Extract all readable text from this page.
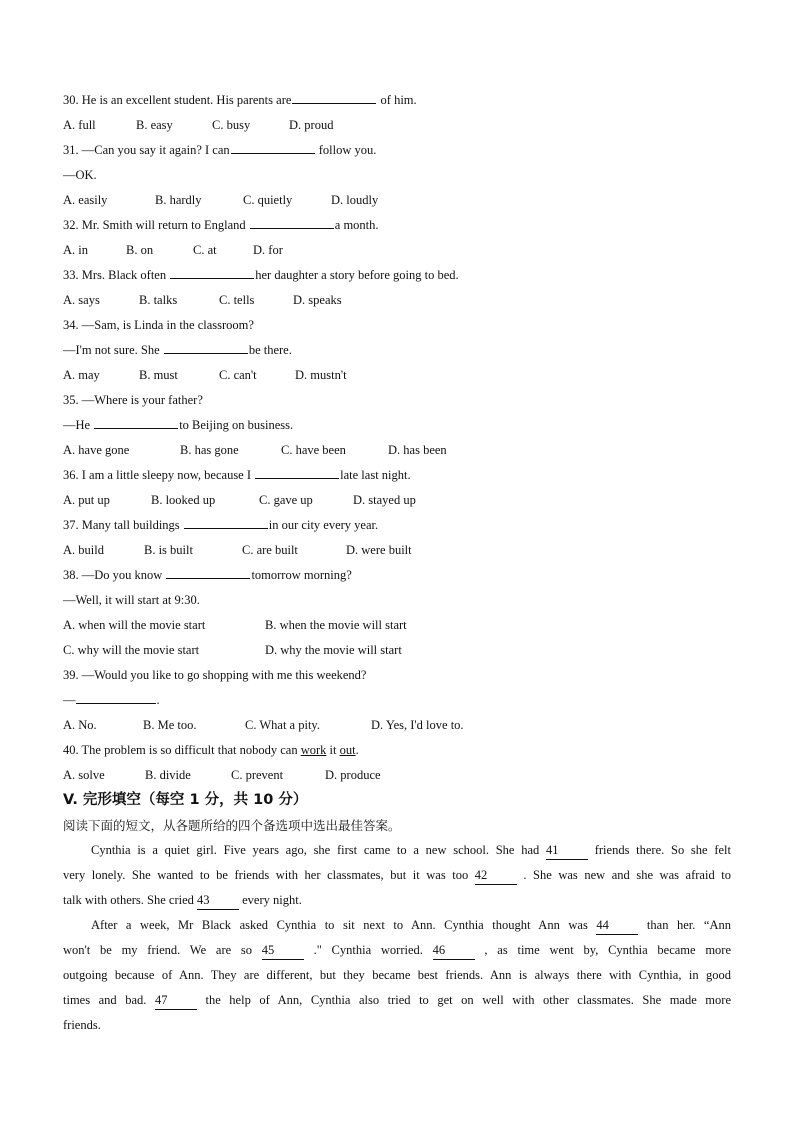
30. He is an excellent student. His parents are	of him.
A. full	B. easy	C. busy	D. proud
31. —Can you say it again? I can	follow you.
—OK.
A. easily	B. hardly	C. quietly	D. loudly
32. Mr. Smith will return to England	a month.
A. in	B. on	C. at	D. for
33. Mrs. Black often	her daughter a story before going to bed.
A. says	B. talks	C. tells	D. speaks
34. —Sam, is Linda in the classroom?
—I'm not sure. She	be there.
A. may	B. must	C. can't	D. mustn't
35. —Where is your father?
—He	to Beijing on business.
A. have gone	B. has gone	C. have been	D. has been
36. I am a little sleepy now, because I	late last night.
A. put up	B. looked up	C. gave up	D. stayed up
37. Many tall buildings	in our city every year.
A. build	B. is built	C. are built	D. were built
38. —Do you know	tomorrow morning?
—Well, it will start at 9:30.
A. when will the movie start	B. when the movie will start
C. why will the movie start	D. why the movie will start
39. —Would you like to go shopping with me this weekend?
—	.
A. No.	B. Me too.	C. What a pity.	D. Yes, I'd love to.
40. The problem is so difficult that nobody can work it out.
A. solve	B. divide	C. prevent	D. produce
V. 完形填空（每空 1 分，共 10 分）
阅读下面的短文，从各题所给的四个备选项中选出最佳答案。
Cynthia is a quiet girl. Five years ago, she first came to a new school. She had 41	friends there. So she felt
very lonely. She wanted to be friends with her classmates, but it was too 42	. She was new and she was afraid to
talk with others. She cried 43	every night.
After a week, Mr Black asked Cynthia to sit next to Ann. Cynthia thought Ann was 44	than her. “Ann
won't be my friend. We are so 45	." Cynthia worried. 46	, as time went by, Cynthia became more
outgoing because of Ann. They are different, but they became best friends. Ann is always there with Cynthia, in good
times and bad. 47	the help of Ann, Cynthia also tried to get on well with other classmates. She made more
friends.
